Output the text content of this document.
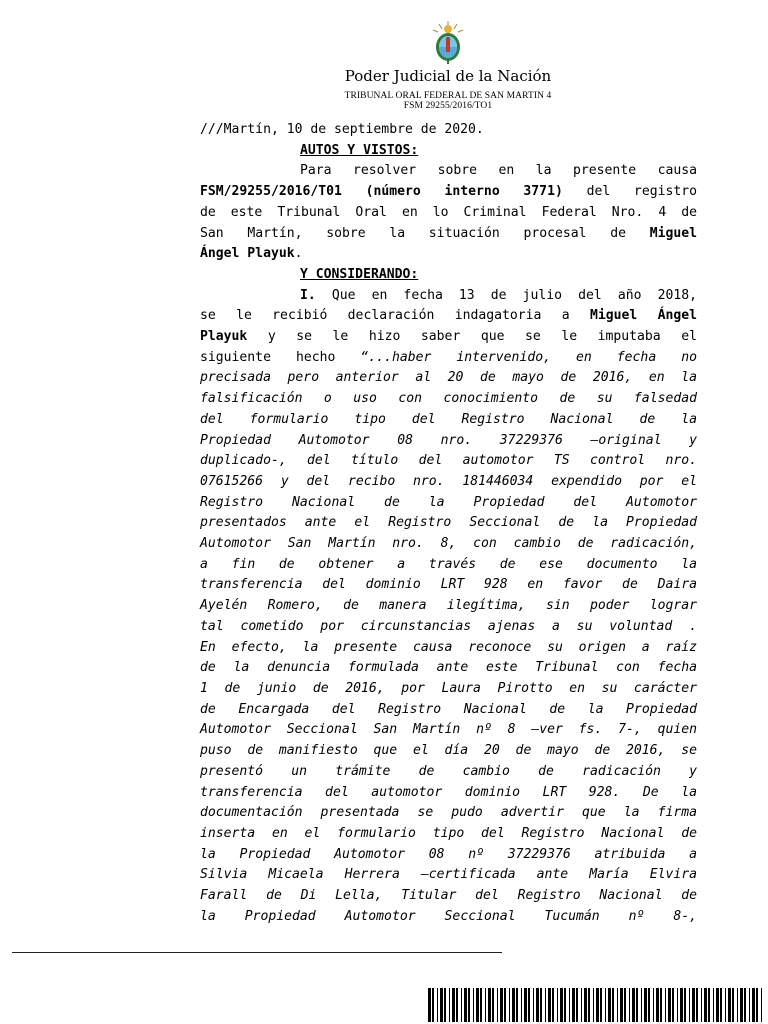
Poder Judicial de la Nación
TRIBUNAL ORAL FEDERAL DE SAN MARTIN 4
FSM 29255/2016/TO1

///Martín, 10 de septiembre de 2020.

AUTOS Y VISTOS:

Para resolver sobre en la presente causa

FSM/29255/2016/T01 (número interno 3771) del registro

de este Tribunal Oral en lo Criminal Federal Nro. 4 de

San Martín, sobre la situación procesal de Miguel

Ángel Playuk.

Y CONSIDERANDO:

I. Que en fecha 13 de julio del año 2018,

se le recibió declaración indagatoria a Miguel Ángel

Playuk y se le hizo saber que se le imputaba el

siguiente hecho “...haber intervenido, en fecha no

precisada pero anterior al 20 de mayo de 2016, en la

falsificación o uso con conocimiento de su falsedad

del formulario tipo del Registro Nacional de la

Propiedad Automotor 08 nro. 37229376 –original y

duplicado-, del título del automotor TS control nro.

07615266 y del recibo nro. 181446034 expendido por el

Registro Nacional de la Propiedad del Automotor

presentados ante el Registro Seccional de la Propiedad

Automotor San Martín nro. 8, con cambio de radicación,

a fin de obtener a través de ese documento la

transferencia del dominio LRT 928 en favor de Daira

Ayelén Romero, de manera ilegítima, sin poder lograr

tal cometido por circunstancias ajenas a su voluntad .

En efecto, la presente causa reconoce su origen a raíz

de la denuncia formulada ante este Tribunal con fecha

1 de junio de 2016, por Laura Pirotto en su carácter

de Encargada del Registro Nacional de la Propiedad

Automotor Seccional San Martín nº 8 –ver fs. 7-, quien

puso de manifiesto que el día 20 de mayo de 2016, se

presentó un trámite de cambio de radicación y

transferencia del automotor dominio LRT 928. De la

documentación presentada se pudo advertir que la firma

inserta en el formulario tipo del Registro Nacional de

la Propiedad Automotor 08 nº 37229376 atribuida a

Silvia Micaela Herrera –certificada ante María Elvira

Farall de Di Lella, Titular del Registro Nacional de

la Propiedad Automotor Seccional Tucumán nº 8-,
